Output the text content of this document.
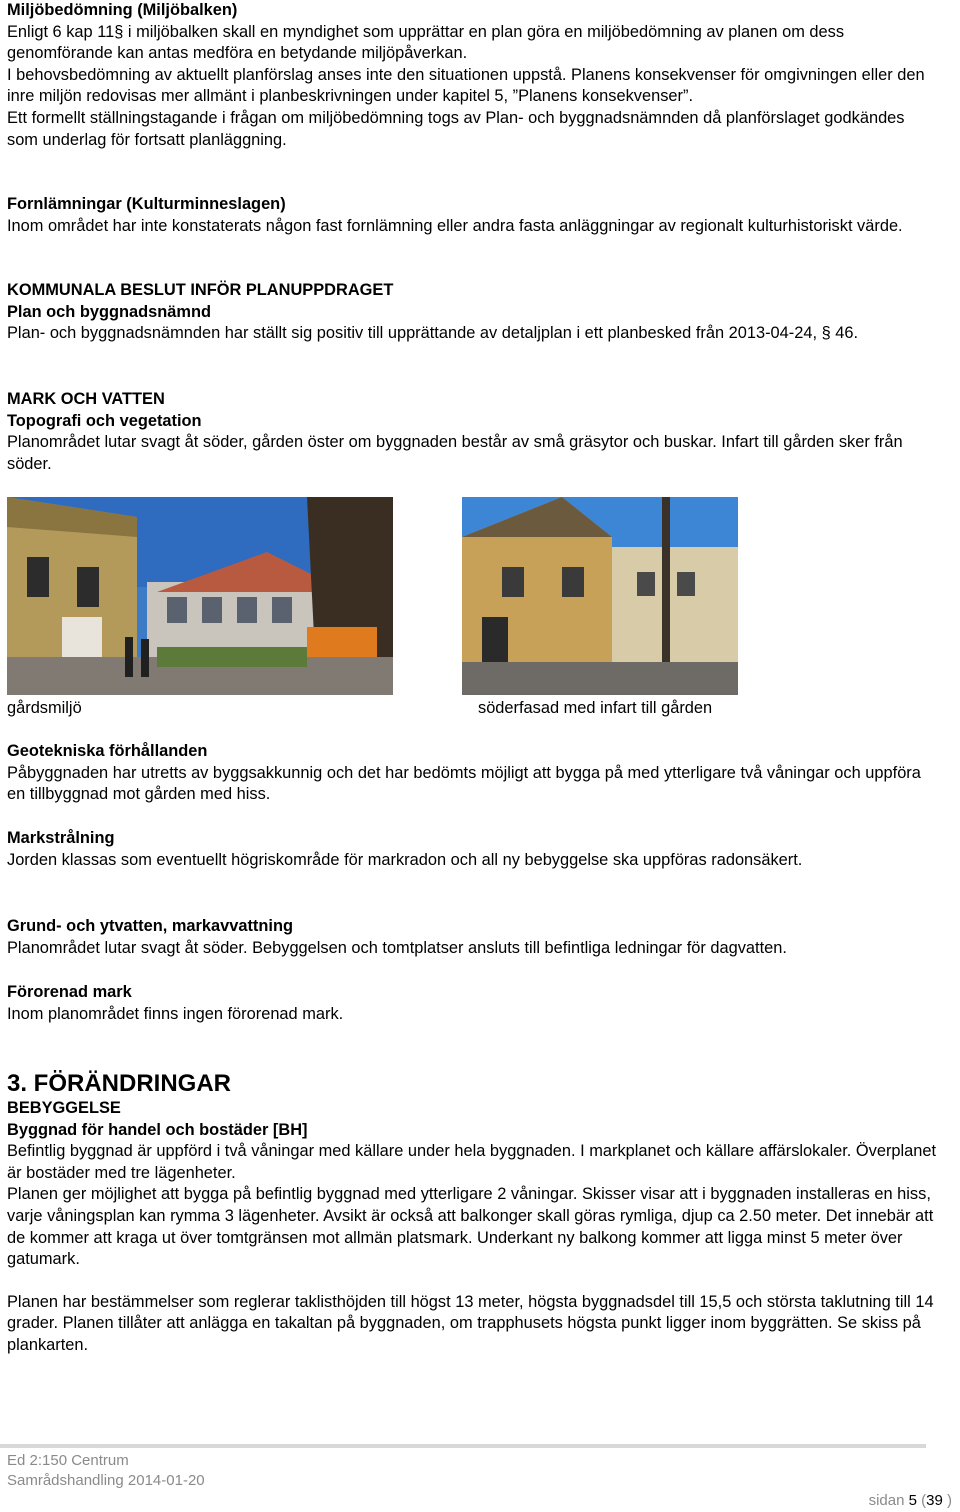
Miljöbedömning (Miljöbalken)

Enligt 6 kap 11§ i miljöbalken skall en myndighet som upprättar en plan göra en miljöbedömning av planen om dess genomförande kan antas medföra en betydande miljöpåverkan.

I behovsbedömning av aktuellt planförslag anses inte den situationen uppstå. Planens konsekvenser för omgivningen eller den inre miljön redovisas mer allmänt i planbeskrivningen under kapitel 5, ”Planens konsekvenser”.

Ett formellt ställningstagande i frågan om miljöbedömning togs av Plan- och byggnadsnämnden då planförslaget godkändes som underlag för fortsatt planläggning.

Fornlämningar (Kulturminneslagen)

Inom området har inte konstaterats någon fast fornlämning eller andra fasta anläggningar av regionalt kulturhistoriskt värde.

KOMMUNALA BESLUT INFÖR PLANUPPDRAGET

Plan och byggnadsnämnd

Plan- och byggnadsnämnden har ställt sig positiv till upprättande av detaljplan i ett planbesked från 2013-04-24, § 46.

MARK OCH VATTEN

Topografi och vegetation

Planområdet lutar svagt åt söder, gården öster om byggnaden består av små gräsytor och buskar. Infart till gården sker från söder.

gårdsmiljö	söderfasad med infart till gården

Geotekniska förhållanden

Påbyggnaden har utretts av byggsakkunnig och det har bedömts möjligt att bygga på med ytterligare två våningar och uppföra en tillbyggnad mot gården med hiss.

Markstrålning

Jorden klassas som eventuellt högriskområde för markradon och all ny bebyggelse ska uppföras radonsäkert.

Grund- och ytvatten, markavvattning

Planområdet lutar svagt åt söder. Bebyggelsen och tomtplatser ansluts till befintliga ledningar för dagvatten.

Förorenad mark

Inom planområdet finns ingen förorenad mark.

3. FÖRÄNDRINGAR

BEBYGGELSE

Byggnad för handel och bostäder [BH]

Befintlig byggnad är uppförd i två våningar med källare under hela byggnaden. I markplanet och källare affärslokaler. Överplanet är bostäder med tre lägenheter.

Planen ger möjlighet att bygga på befintlig byggnad med ytterligare 2 våningar. Skisser visar att i byggnaden installeras en hiss, varje våningsplan kan rymma 3 lägenheter. Avsikt är också att balkonger skall göras rymliga, djup ca 2.50 meter. Det innebär att de kommer att kraga ut över tomtgränsen mot allmän platsmark. Underkant ny balkong kommer att ligga minst 5 meter över gatumark.

Planen har bestämmelser som reglerar taklisthöjden till högst 13 meter, högsta byggnadsdel till 15,5 och största taklutning till 14 grader. Planen tillåter att anlägga en takaltan på byggnaden, om trapphusets högsta punkt ligger inom byggrätten. Se skiss på plankarten.

Ed 2:150 Centrum
Samrådshandling 2014-01-20
sidan 5 (39 )
